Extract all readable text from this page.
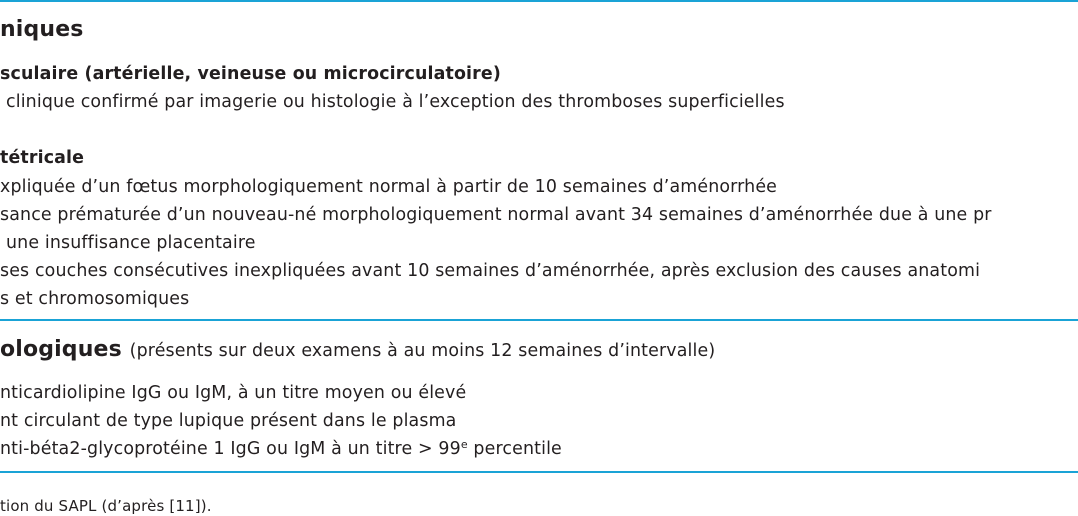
niques
sculaire (artérielle, veineuse ou microcirculatoire)
clinique confirmé par imagerie ou histologie à l’exception des thromboses superficielles
tétricale
xpliquée d’un fœtus morphologiquement normal à partir de 10 semaines d’aménorrhée
sance prématurée d’un nouveau-né morphologiquement normal avant 34 semaines d’aménorrhée due à une pr
une insuffisance placentaire
ses couches consécutives inexpliquées avant 10 semaines d’aménorrhée, après exclusion des causes anatomi
s et chromosomiques
ologiques (présents sur deux examens à au moins 12 semaines d’intervalle)
nticardiolipine IgG ou IgM, à un titre moyen ou élevé
nt circulant de type lupique présent dans le plasma
nti-béta2-glycoprotéine 1 IgG ou IgM à un titre > $99^e$ percentile
tion du SAPL (d’après [11]).
